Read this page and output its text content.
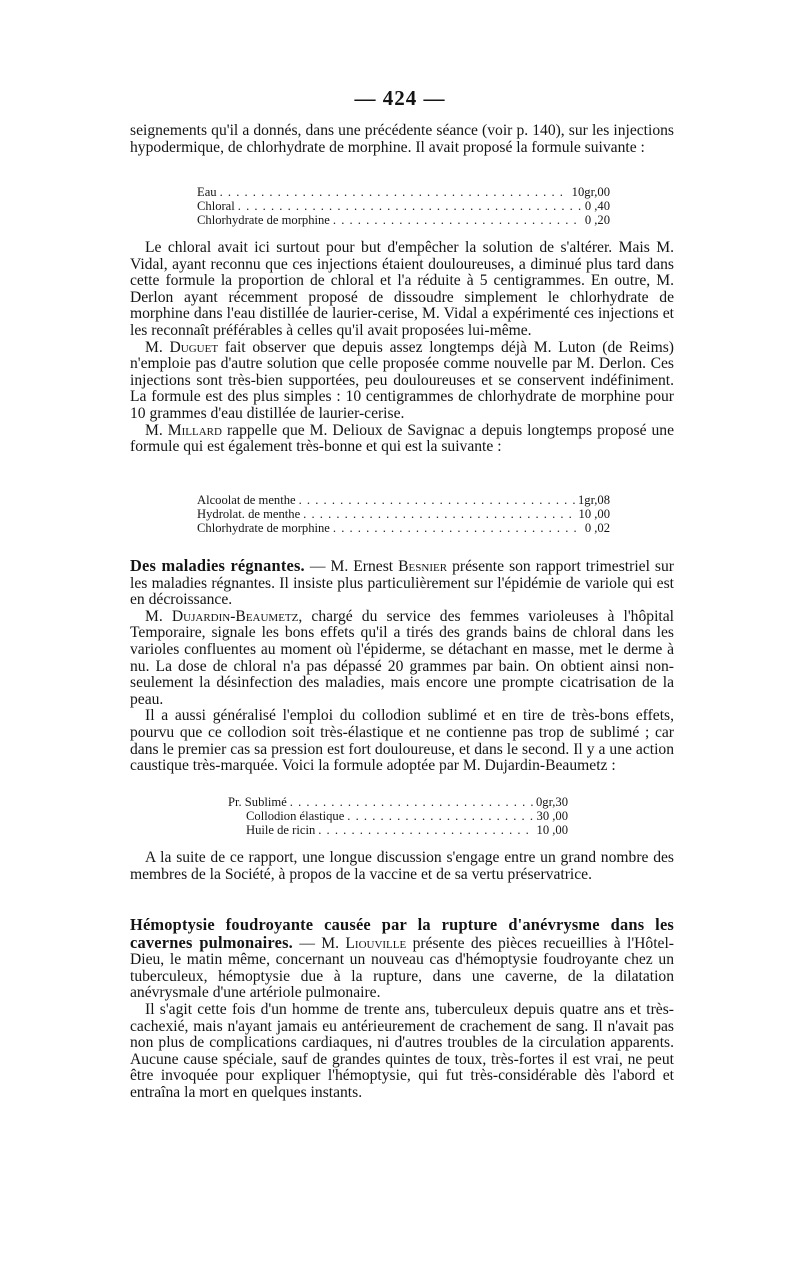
— 424 —

seignements qu'il a donnés, dans une précédente séance (voir p. 140), sur les injections hypodermique, de chlorhydrate de morphine. Il avait proposé la formule suivante :

Eau . . .	10gr,00
Chloral . . .	0 ,40
Chlorhydrate de morphine . . .	0 ,20

Le chloral avait ici surtout pour but d'empêcher la solution de s'altérer. Mais M. Vidal, ayant reconnu que ces injections étaient douloureuses, a diminué plus tard dans cette formule la proportion de chloral et l'a réduite à 5 centigrammes. En outre, M. Derlon ayant récemment proposé de dissoudre simplement le chlorhydrate de morphine dans l'eau distillée de laurier-cerise, M. Vidal a expérimenté ces injections et les reconnaît préférables à celles qu'il avait proposées lui-même.

M. Duguet fait observer que depuis assez longtemps déjà M. Luton (de Reims) n'emploie pas d'autre solution que celle proposée comme nouvelle par M. Derlon. Ces injections sont très-bien supportées, peu douloureuses et se conservent indéfiniment. La formule est des plus simples : 10 centigrammes de chlorhydrate de morphine pour 10 grammes d'eau distillée de laurier-cerise.

M. Millard rappelle que M. Delioux de Savignac a depuis longtemps proposé une formule qui est également très-bonne et qui est la suivante :

Alcoolat de menthe . . .	1gr,08
Hydrolat. de menthe . . .	10 ,00
Chlorhydrate de morphine . . .	0 ,02

Des maladies régnantes. — M. Ernest Besnier présente son rapport trimestriel sur les maladies régnantes. Il insiste plus particulièrement sur l'épidémie de variole qui est en décroissance.

M. Dujardin-Beaumetz, chargé du service des femmes varioleuses à l'hôpital Temporaire, signale les bons effets qu'il a tirés des grands bains de chloral dans les varioles confluentes au moment où l'épiderme, se détachant en masse, met le derme à nu. La dose de chloral n'a pas dépassé 20 grammes par bain. On obtient ainsi non-seulement la désinfection des maladies, mais encore une prompte cicatrisation de la peau.

Il a aussi généralisé l'emploi du collodion sublimé et en tire de très-bons effets, pourvu que ce collodion soit très-élastique et ne contienne pas trop de sublimé ; car dans le premier cas sa pression est fort douloureuse, et dans le second. Il y a une action caustique très-marquée. Voici la formule adoptée par M. Dujardin-Beaumetz :

Pr. Sublimé . . .	0gr,30
Collodion élastique . . .	30 ,00
Huile de ricin . . .	10 ,00

A la suite de ce rapport, une longue discussion s'engage entre un grand nombre des membres de la Société, à propos de la vaccine et de sa vertu préservatrice.

Hémoptysie foudroyante causée par la rupture d'anévrysme dans les cavernes pulmonaires. — M. Liouville présente des pièces recueillies à l'Hôtel-Dieu, le matin même, concernant un nouveau cas d'hémoptysie foudroyante chez un tuberculeux, hémoptysie due à la rupture, dans une caverne, de la dilatation anévrysmale d'une artériole pulmonaire.

Il s'agit cette fois d'un homme de trente ans, tuberculeux depuis quatre ans et très-cachexié, mais n'ayant jamais eu antérieurement de crachement de sang. Il n'avait pas non plus de complications cardiaques, ni d'autres troubles de la circulation apparents. Aucune cause spéciale, sauf de grandes quintes de toux, très-fortes il est vrai, ne peut être invoquée pour expliquer l'hémoptysie, qui fut très-considérable dès l'abord et entraîna la mort en quelques instants.
